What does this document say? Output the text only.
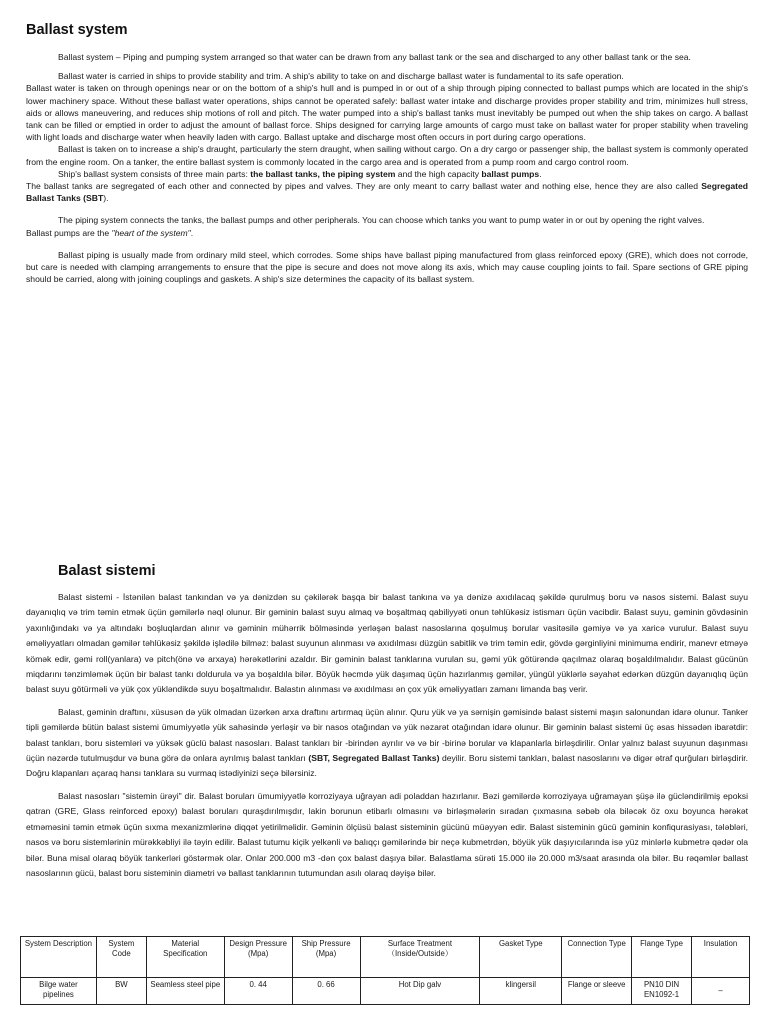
Ballast system

Ballast system – Piping and pumping system arranged so that water can be drawn from any ballast tank or the sea and discharged to any other ballast tank or the sea.

Ballast water is carried in ships to provide stability and trim. A ship's ability to take on and discharge ballast water is fundamental to its safe operation.

Ballast water is taken on through openings near or on the bottom of a ship's hull and is pumped in or out of a ship through piping connected to ballast pumps which are located in the ship's lower machinery space. Without these ballast water operations, ships cannot be operated safely: ballast water intake and discharge provides proper stability and trim, minimizes hull stress, aids or allows maneuvering, and reduces ship motions of roll and pitch. The water pumped into a ship's ballast tanks must inevitably be pumped out when the ship takes on cargo. A ballast tank can be filled or emptied in order to adjust the amount of ballast force. Ships designed for carrying large amounts of cargo must take on ballast water for proper stability when traveling with light loads and discharge water when heavily laden with cargo. Ballast uptake and discharge most often occurs in port during cargo operations.

Ballast is taken on to increase a ship's draught, particularly the stern draught, when sailing without cargo. On a dry cargo or passenger ship, the ballast system is commonly operated from the engine room. On a tanker, the entire ballast system is commonly located in the cargo area and is operated from a pump room and cargo control room.

Ship's ballast system consists of three main parts: the ballast tanks, the piping system and the high capacity ballast pumps.

The ballast tanks are segregated of each other and connected by pipes and valves. They are only meant to carry ballast water and nothing else, hence they are also called Segregated Ballast Tanks (SBT).

The piping system connects the tanks, the ballast pumps and other peripherals. You can choose which tanks you want to pump water in or out by opening the right valves.

Ballast pumps are the "heart of the system".

Ballast piping is usually made from ordinary mild steel, which corrodes. Some ships have ballast piping manufactured from glass reinforced epoxy (GRE), which does not corrode, but care is needed with clamping arrangements to ensure that the pipe is secure and does not move along its axis, which may cause coupling joints to fail. Spare sections of GRE piping should be carried, along with joining couplings and gaskets. A ship's size determines the capacity of its ballast system.

Balast sistemi

Balast sistemi - İstənilən balast tankından və ya dənizdən su çəkilərək başqa bir balast tankına və ya dənizə axıdılacaq şəkildə qurulmuş boru və nasos sistemi. Balast suyu dayanıqlıq və trim təmin etmək üçün gəmilərlə nəql olunur. Bir gəminin balast suyu almaq və boşaltmaq qabiliyyəti onun təhlükəsiz istismarı üçün vacibdir. Balast suyu, gəminin gövdəsinin yaxınlığındakı və ya altındakı boşluqlardan alınır və gəminin mühərrik bölməsində yerləşən balast nasoslarına qoşulmuş borular vasitəsilə gəmiyə və ya xaricə vurulur. Balast suyu əməliyyatları olmadan gəmilər təhlükəsiz şəkildə işlədilə bilməz: balast suyunun alınması və axıdılması düzgün sabitlik və trim təmin edir, gövdə gərginliyini minimuma endirir, manevr etməyə kömək edir, gəmi roll(yanlara) və pitch(önə və arxaya) hərəkətlərini azaldır. Bir gəminin balast tanklarına vurulan su, gəmi yük götürəndə qaçılmaz olaraq boşaldılmalıdır. Balast gücünün miqdarını tənzimləmək üçün bir balast tankı doldurula və ya boşaldıla bilər. Böyük həcmdə yük daşımaq üçün hazırlanmış gəmilər, yüngül yüklərlə səyahət edərkən düzgün dayanıqlıq üçün balast suyu götürməli və yük çox yükləndikdə suyu boşaltmalıdır. Balastın alınması və axıdılması ən çox yük əməliyyatları zamanı limanda baş verir.

Balast, gəminin draftını, xüsusən də yük olmadan üzərkən arxa draftını artırmaq üçün alınır. Quru yük və ya sərnişin gəmisində balast sistemi maşın salonundan idarə olunur. Tanker tipli gəmilərdə bütün balast sistemi ümumiyyətlə yük sahəsində yerləşir və bir nasos otağından və yük nəzarət otağından idarə olunur. Bir gəminin balast sistemi üç əsas hissədən ibarətdir: balast tankları, boru sistemləri və yüksək güclü balast nasosları. Balast tankları bir -birindən ayrılır və və bir -birinə borular və klapanlarla birləşdirilir. Onlar yalnız balast suyunun daşınması üçün nəzərdə tutulmuşdur və buna görə də onlara ayrılmış balast tankları (SBT, Segregated Ballast Tanks) deyilir. Boru sistemi tankları, balast nasoslarını və digər ətraf qurğuları birləşdirir. Doğru klapanları açaraq hansı tanklara su vurmaq istədiyinizi seçə bilərsiniz.

Balast nasosları "sistemin ürəyi" dir. Balast boruları ümumiyyətlə korroziyaya uğrayan adi poladdan hazırlanır. Bəzi gəmilərdə korroziyaya uğramayan şüşə ilə gücləndirilmiş epoksi qatran (GRE, Glass reinforced epoxy) balast boruları quraşdırılmışdır, lakin borunun etibarlı olmasını və birləşmələrin sıradan çıxmasına səbəb ola biləcək öz oxu boyunca hərəkət etməməsini təmin etmək üçün sıxma mexanizmlərinə diqqət yetirilməlidir. Gəminin ölçüsü balast sisteminin gücünü müəyyən edir. Balast sisteminin gücü gəminin konfiqurasiyası, tələbləri, nasos və boru sistemlərinin mürəkkəbliyi ilə təyin edilir. Balast tutumu kiçik yelkənli və balıqçı gəmilərində bir neçə kubmetrdən, böyük yük daşıyıcılarında isə yüz minlərlə kubmetrə qədər ola bilər. Buna misal olaraq böyük tankerləri göstərmək olar. Onlar 200.000 m3 -dən çox balast daşıya bilər. Balastlama sürəti 15.000 ilə 20.000 m3/saat arasında ola bilər. Bu rəqəmlər ballast nasoslarının gücü, balast boru sisteminin diametri və ballast tanklarının tutumundan asılı olaraq dəyişə bilər.

System Description	System Code	Material Specification	Design Pressure (Mpa)	Ship Pressure (Mpa)	Surface Treatment（Inside/Outside）	Gasket Type	Connection Type	Flange Type	Insulation
Bilge water pipelines	BW	Seamless steel pipe	0. 44	0. 66	Hot Dip galv	klingersil	Flange or sleeve	PN10 DIN EN1092-1	–
